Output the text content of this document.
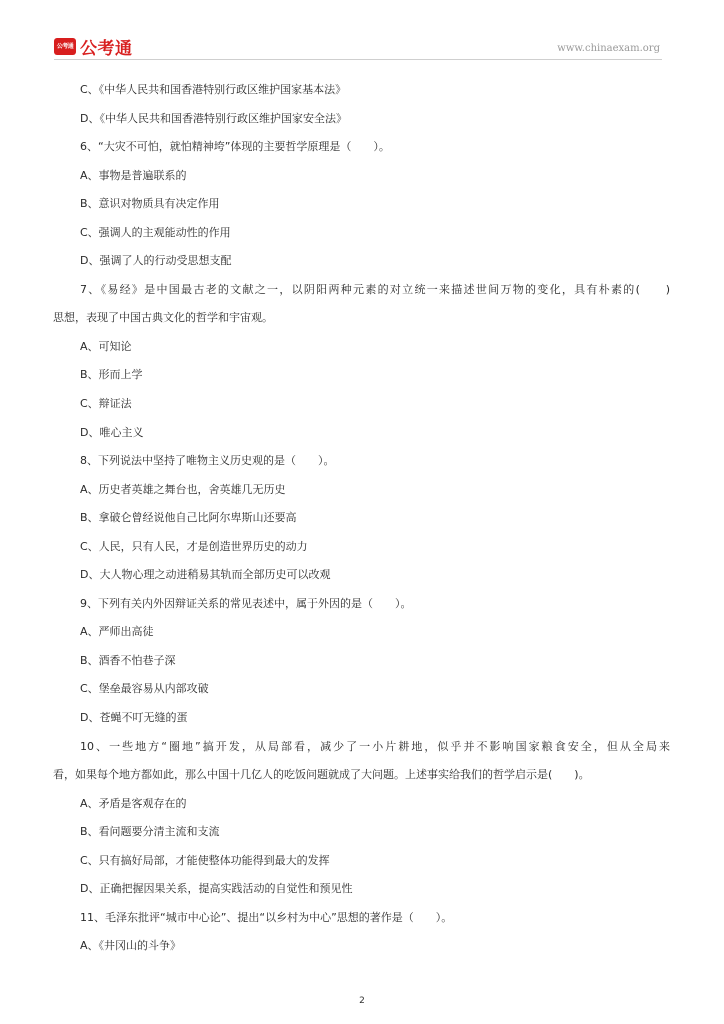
公考通 公考通	www.chinaexam.org
C、《中华人民共和国香港特别行政区维护国家基本法》
D、《中华人民共和国香港特别行政区维护国家安全法》
6、“大灾不可怕，就怕精神垮”体现的主要哲学原理是（　　）。
A、事物是普遍联系的
B、意识对物质具有决定作用
C、强调人的主观能动性的作用
D、强调了人的行动受思想支配
7、《易经》是中国最古老的文献之一，以阴阳两种元素的对立统一来描述世间万物的变化，具有朴素的(　　)
思想，表现了中国古典文化的哲学和宇宙观。
A、可知论
B、形而上学
C、辩证法
D、唯心主义
8、下列说法中坚持了唯物主义历史观的是（　　）。
A、历史者英雄之舞台也，舍英雄几无历史
B、拿破仑曾经说他自己比阿尔卑斯山还要高
C、人民，只有人民，才是创造世界历史的动力
D、大人物心理之动进稍易其轨而全部历史可以改观
9、下列有关内外因辩证关系的常见表述中，属于外因的是（　　）。
A、严师出高徒
B、酒香不怕巷子深
C、堡垒最容易从内部攻破
D、苍蝇不叮无缝的蛋
10、一些地方“圈地”搞开发，从局部看，减少了一小片耕地，似乎并不影响国家粮食安全，但从全局来
看，如果每个地方都如此，那么中国十几亿人的吃饭问题就成了大问题。上述事实给我们的哲学启示是(　　)。
A、矛盾是客观存在的
B、看问题要分清主流和支流
C、只有搞好局部，才能使整体功能得到最大的发挥
D、正确把握因果关系，提高实践活动的自觉性和预见性
11、毛泽东批评“城市中心论”、提出“以乡村为中心”思想的著作是（　　）。
A、《井冈山的斗争》
2
